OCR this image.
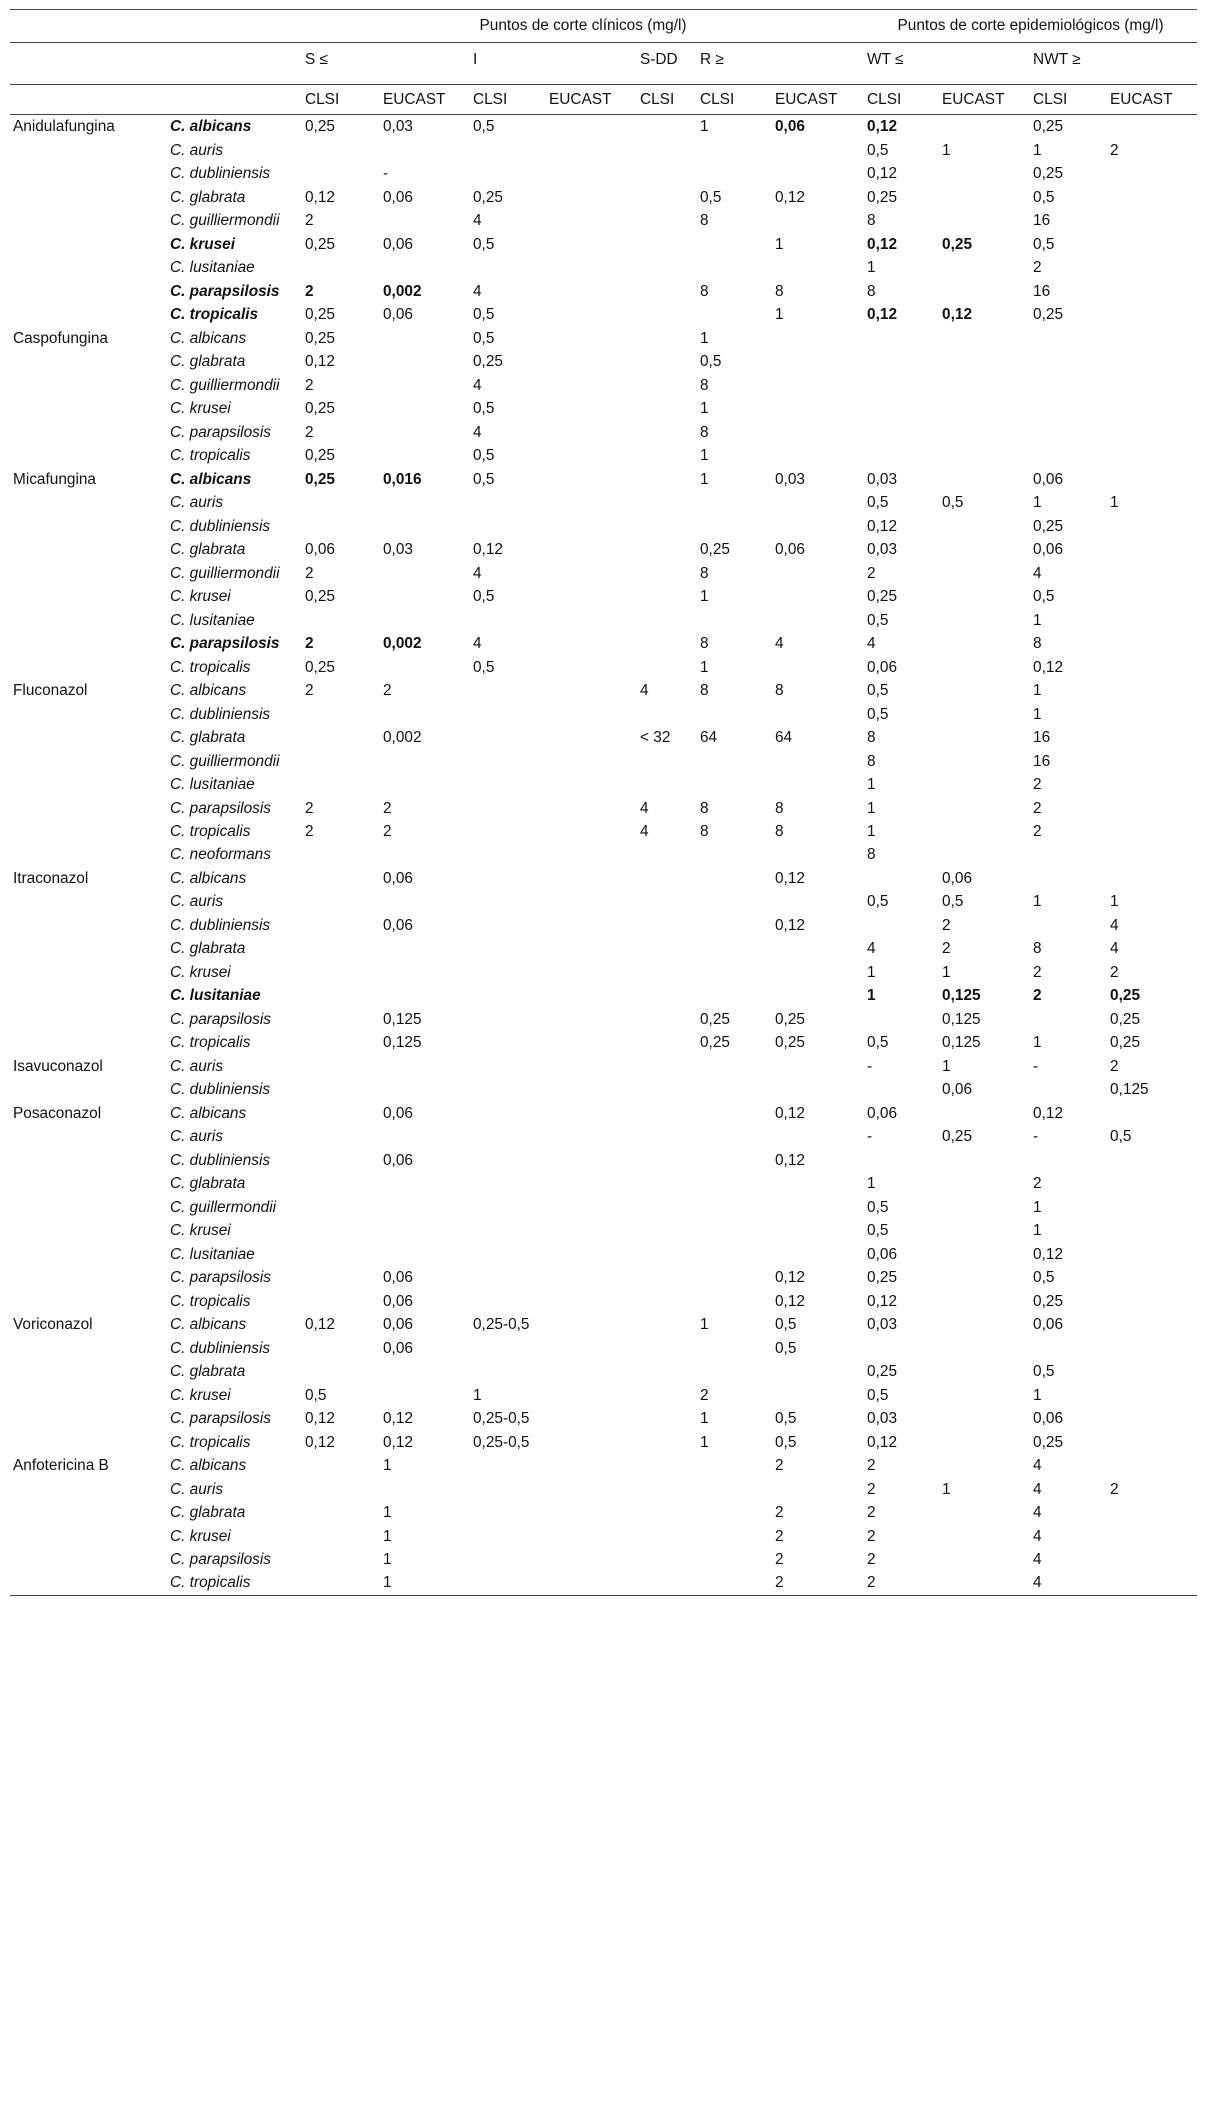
		Puntos de corte clínicos (mg/l)							Puntos de corte epidemiológicos (mg/l)			
		S ≤		I		S-DD	R ≥		WT ≤		NWT ≥	
		CLSI	EUCAST	CLSI	EUCAST	CLSI	CLSI	EUCAST	CLSI	EUCAST	CLSI	EUCAST
Anidulafungina	C. albicans	0,25	0,03	0,5			1	0,06	0,12		0,25	
	C. auris								0,5	1	1	2
	C. dubliniensis		-						0,12		0,25	
	C. glabrata	0,12	0,06	0,25			0,5	0,12	0,25		0,5	
	C. guilliermondii	2		4			8		8		16	
	C. krusei	0,25	0,06	0,5				1	0,12	0,25	0,5	
	C. lusitaniae								1		2	
	C. parapsilosis	2	0,002	4			8	8	8		16	
	C. tropicalis	0,25	0,06	0,5				1	0,12	0,12	0,25	
Caspofungina	C. albicans	0,25		0,5			1					
	C. glabrata	0,12		0,25			0,5					
	C. guilliermondii	2		4			8					
	C. krusei	0,25		0,5			1					
	C. parapsilosis	2		4			8					
	C. tropicalis	0,25		0,5			1					
Micafungina	C. albicans	0,25	0,016	0,5			1	0,03	0,03		0,06	
	C. auris								0,5	0,5	1	1
	C. dubliniensis								0,12		0,25	
	C. glabrata	0,06	0,03	0,12			0,25	0,06	0,03		0,06	
	C. guilliermondii	2		4			8		2		4	
	C. krusei	0,25		0,5			1		0,25		0,5	
	C. lusitaniae								0,5		1	
	C. parapsilosis	2	0,002	4			8	4	4		8	
	C. tropicalis	0,25		0,5			1		0,06		0,12	
Fluconazol	C. albicans	2	2			4	8	8	0,5		1	
	C. dubliniensis								0,5		1	
	C. glabrata		0,002			< 32	64	64	8		16	
	C. guilliermondii								8		16	
	C. lusitaniae								1		2	
	C. parapsilosis	2	2			4	8	8	1		2	
	C. tropicalis	2	2			4	8	8	1		2	
	C. neoformans								8			
Itraconazol	C. albicans		0,06					0,12		0,06		
	C. auris								0,5	0,5	1	1
	C. dubliniensis		0,06					0,12		2		4
	C. glabrata								4	2	8	4
	C. krusei								1	1	2	2
	C. lusitaniae								1	0,125	2	0,25
	C. parapsilosis		0,125				0,25	0,25		0,125		0,25
	C. tropicalis		0,125				0,25	0,25	0,5	0,125	1	0,25
Isavuconazol	C. auris								-	1	-	2
	C. dubliniensis									0,06		0,125
Posaconazol	C. albicans		0,06					0,12	0,06		0,12	
	C. auris								-	0,25	-	0,5
	C. dubliniensis		0,06					0,12				
	C. glabrata								1		2	
	C. guillermondii								0,5		1	
	C. krusei								0,5		1	
	C. lusitaniae								0,06		0,12	
	C. parapsilosis		0,06					0,12	0,25		0,5	
	C. tropicalis		0,06					0,12	0,12		0,25	
Voriconazol	C. albicans	0,12	0,06	0,25-0,5			1	0,5	0,03		0,06	
	C. dubliniensis		0,06					0,5				
	C. glabrata								0,25		0,5	
	C. krusei	0,5		1			2		0,5		1	
	C. parapsilosis	0,12	0,12	0,25-0,5			1	0,5	0,03		0,06	
	C. tropicalis	0,12	0,12	0,25-0,5			1	0,5	0,12		0,25	
Anfotericina B	C. albicans		1					2	2		4	
	C. auris								2	1	4	2
	C. glabrata		1					2	2		4	
	C. krusei		1					2	2		4	
	C. parapsilosis		1					2	2		4	
	C. tropicalis		1					2	2		4	
